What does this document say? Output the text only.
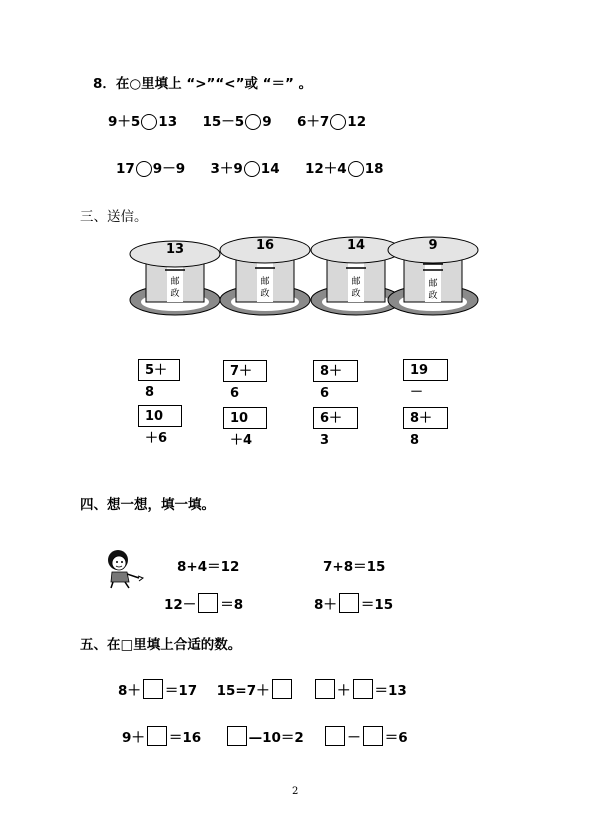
8．在○里填上 “>”“<”或 “＝” 。
9＋5 13 15－5 9 6＋7 12
17 9－9 3＋9 14 12＋4 18
三、送信。
13
邮政
16
邮政
14
邮政
9
邮政
5＋8
7＋6
8＋6
19　－
10＋6
10＋4
6＋3
8＋8
四、想一想，填一填。
8+4＝12	7+8＝15
12－ ＝8	8＋ ＝15
五、在□里填上合适的数。
8＋ ＝17 15=7＋	＋ ＝13
9＋ ＝16	—10＝2	－ ＝6
2
